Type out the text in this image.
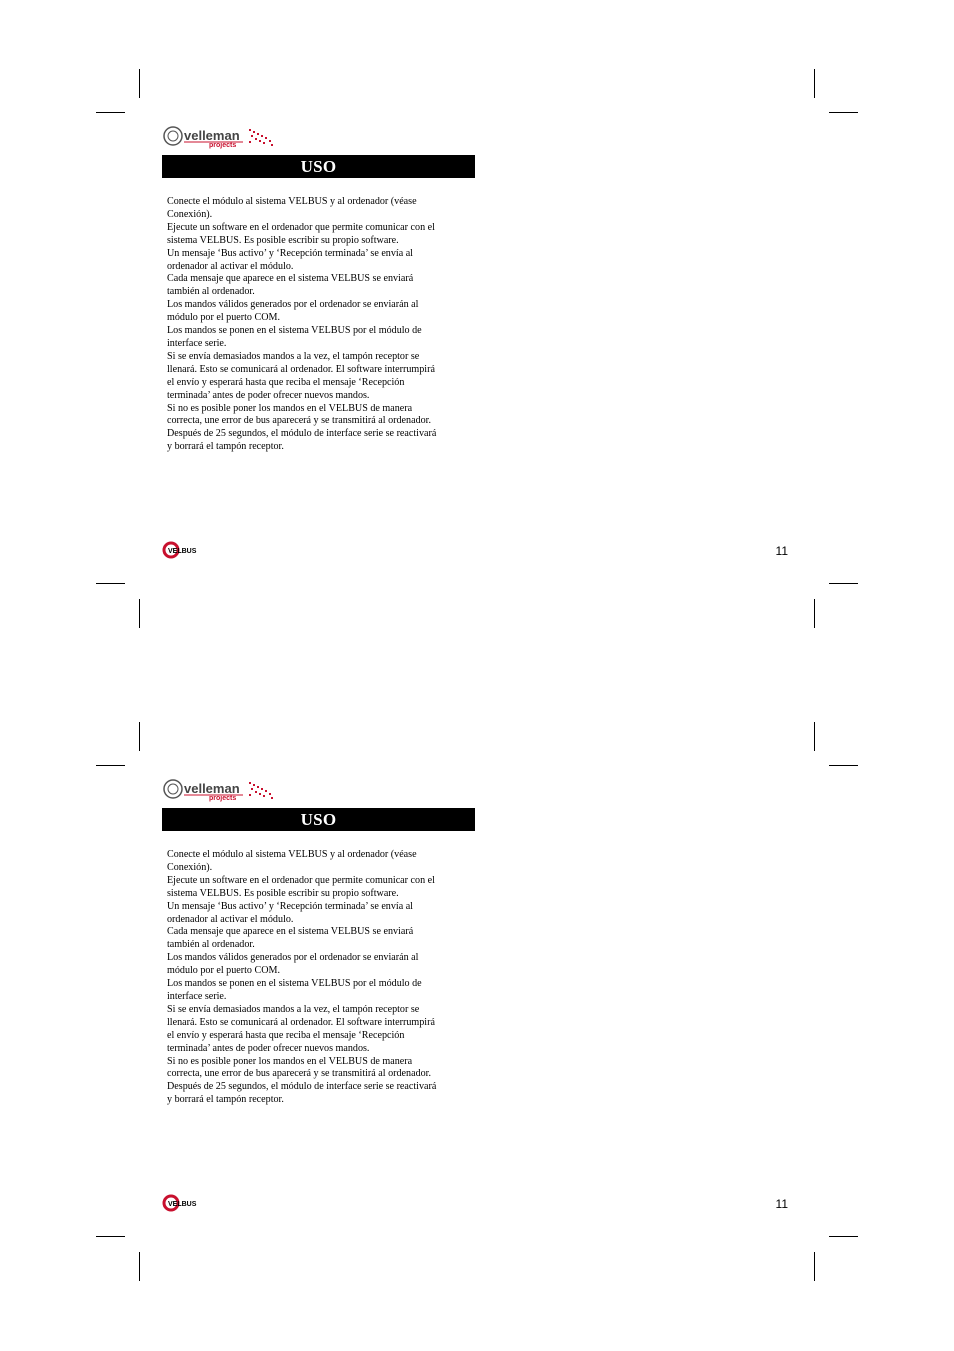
velleman
projects
USO
Conecte el módulo al sistema VELBUS y al ordenador (véase
Conexión).
Ejecute un software en el ordenador que permite comunicar con el
sistema VELBUS. Es posible escribir su propio software.
Un mensaje ‘Bus activo’ y ‘Recepción terminada’ se envía al
ordenador al activar el módulo.
Cada mensaje que aparece en el sistema VELBUS se enviará
también al ordenador.
Los mandos válidos generados por el ordenador se enviarán al
módulo por el puerto COM.
Los mandos se ponen en el sistema VELBUS por el módulo de
interface serie.
Si se envía demasiados mandos a la vez, el tampón receptor se
llenará. Esto se comunicará al ordenador. El software interrumpirá
el envío y esperará hasta que reciba el mensaje ‘Recepción
terminada’ antes de poder ofrecer nuevos mandos.
Si no es posible poner los mandos en el VELBUS de manera
correcta, une error de bus aparecerá y se transmitirá al ordenador.
Después de 25 segundos, el módulo de interface serie se reactivará
y borrará el tampón receptor.
VELBUS	11
velleman
projects
USO
Conecte el módulo al sistema VELBUS y al ordenador (véase
Conexión).
Ejecute un software en el ordenador que permite comunicar con el
sistema VELBUS. Es posible escribir su propio software.
Un mensaje ‘Bus activo’ y ‘Recepción terminada’ se envía al
ordenador al activar el módulo.
Cada mensaje que aparece en el sistema VELBUS se enviará
también al ordenador.
Los mandos válidos generados por el ordenador se enviarán al
módulo por el puerto COM.
Los mandos se ponen en el sistema VELBUS por el módulo de
interface serie.
Si se envía demasiados mandos a la vez, el tampón receptor se
llenará. Esto se comunicará al ordenador. El software interrumpirá
el envío y esperará hasta que reciba el mensaje ‘Recepción
terminada’ antes de poder ofrecer nuevos mandos.
Si no es posible poner los mandos en el VELBUS de manera
correcta, une error de bus aparecerá y se transmitirá al ordenador.
Después de 25 segundos, el módulo de interface serie se reactivará
y borrará el tampón receptor.
VELBUS	11
